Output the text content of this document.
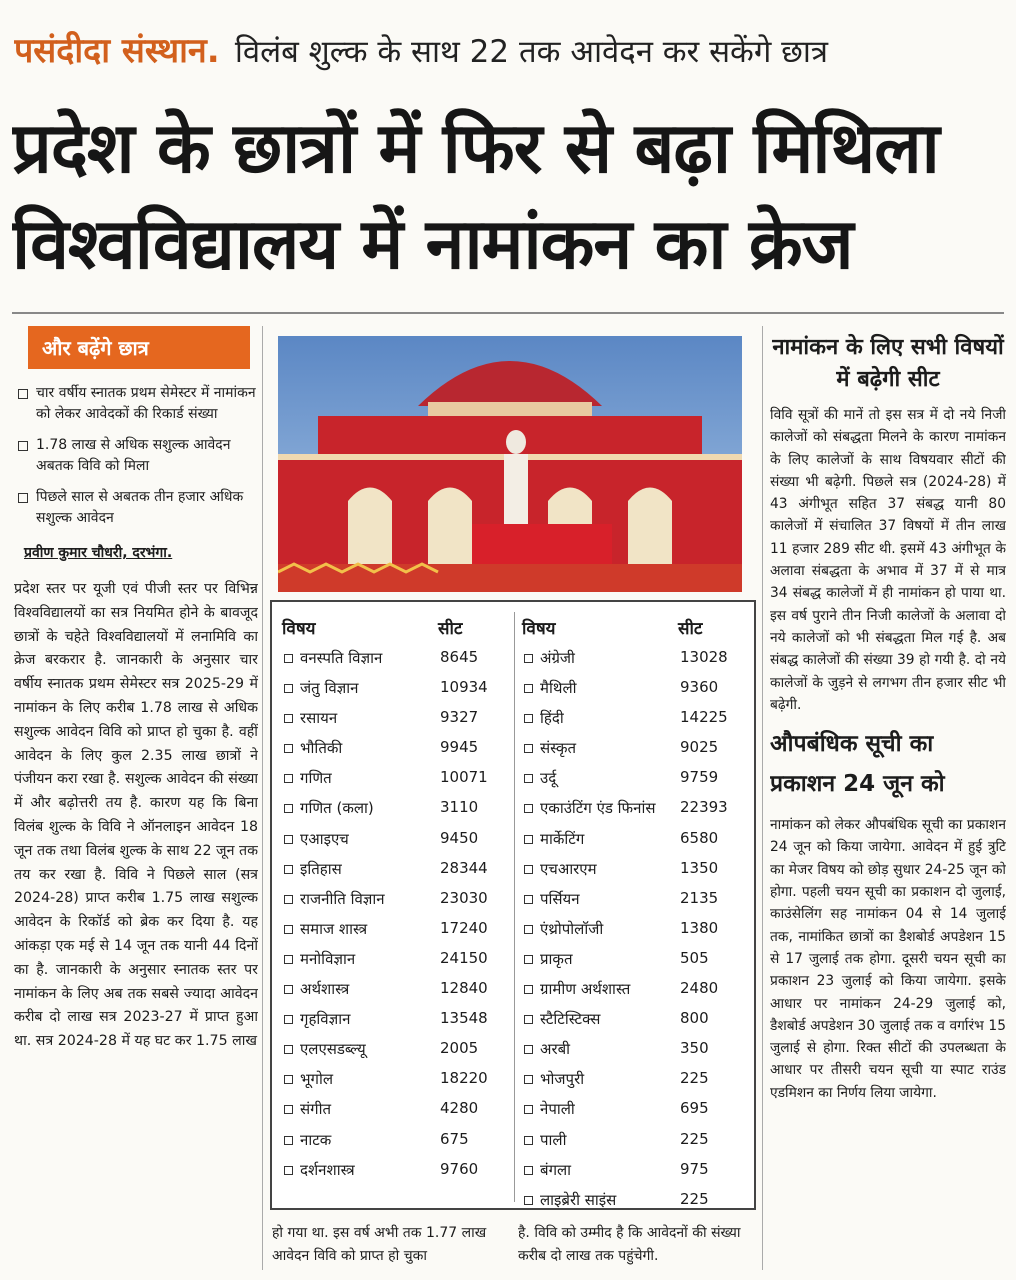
पसंदीदा संस्थान. विलंब शुल्क के साथ 22 तक आवेदन कर सकेंगे छात्र
प्रदेश के छात्रों में फिर से बढ़ा मिथिला
विश्वविद्यालय में नामांकन का क्रेज
और बढ़ेंगे छात्र
चार वर्षीय स्नातक प्रथम सेमेस्टर में नामांकन को लेकर आवेदकों की रिकार्ड संख्या
1.78 लाख से अधिक सशुल्क आवेदन अबतक विवि को मिला
पिछले साल से अबतक तीन हजार अधिक सशुल्क आवेदन
प्रवीण कुमार चौधरी, दरभंगा.

प्रदेश स्तर पर यूजी एवं पीजी स्तर पर विभिन्न विश्वविद्यालयों का सत्र नियमित होने के बावजूद छात्रों के चहेते विश्वविद्यालयों में लनामिवि का क्रेज बरकरार है. जानकारी के अनुसार चार वर्षीय स्नातक प्रथम सेमेस्टर सत्र 2025-29 में नामांकन के लिए करीब 1.78 लाख से अधिक सशुल्क आवेदन विवि को प्राप्त हो चुका है. वहीं आवेदन के लिए कुल 2.35 लाख छात्रों ने पंजीयन करा रखा है. सशुल्क आवेदन की संख्या में और बढ़ोत्तरी तय है. कारण यह कि बिना विलंब शुल्क के विवि ने ऑनलाइन आवेदन 18 जून तक तथा विलंब शुल्क के साथ 22 जून तक तय कर रखा है. विवि ने पिछले साल (सत्र 2024-28) प्राप्त करीब 1.75 लाख सशुल्क आवेदन के रिकॉर्ड को ब्रेक कर दिया है. यह आंकड़ा एक मई से 14 जून तक यानी 44 दिनों का है. जानकारी के अनुसार स्नातक स्तर पर नामांकन के लिए अब तक सबसे ज्यादा आवेदन करीब दो लाख सत्र 2023-27 में प्राप्त हुआ था. सत्र 2024-28 में यह घट कर 1.75 लाख

विषय	सीट
वनस्पति विज्ञान	8645
जंतु विज्ञान	10934
रसायन	9327
भौतिकी	9945
गणित	10071
गणित (कला)	3110
एआइएच	9450
इतिहास	28344
राजनीति विज्ञान	23030
समाज शास्त्र	17240
मनोविज्ञान	24150
अर्थशास्त्र	12840
गृहविज्ञान	13548
एलएसडब्ल्यू	2005
भूगोल	18220
संगीत	4280
नाटक	675
दर्शनशास्त्र	9760
विषय	सीट
अंग्रेजी	13028
मैथिली	9360
हिंदी	14225
संस्कृत	9025
उर्दू	9759
एकाउंटिंग एंड फिनांस 22393
मार्केटिंग	6580
एचआरएम	1350
पर्सियन	2135
एंथ्रोपोलॉजी	1380
प्राकृत	505
ग्रामीण अर्थशास्त	2480
स्टैटिस्टिक्स	800
अरबी	350
भोजपुरी	225
नेपाली	695
पाली	225
बंगला	975
लाइब्रेरी साइंस	225

हो गया था. इस वर्ष अभी तक 1.77 लाख आवेदन विवि को प्राप्त हो चुका

है. विवि को उम्मीद है कि आवेदनों की संख्या करीब दो लाख तक पहुंचेगी.

नामांकन के लिए सभी विषयों में बढ़ेगी सीट

विवि सूत्रों की मानें तो इस सत्र में दो नये निजी कालेजों को संबद्धता मिलने के कारण नामांकन के लिए कालेजों के साथ विषयवार सीटों की संख्या भी बढ़ेगी. पिछले सत्र (2024-28) में 43 अंगीभूत सहित 37 संबद्ध यानी 80 कालेजों में संचालित 37 विषयों में तीन लाख 11 हजार 289 सीट थी. इसमें 43 अंगीभूत के अलावा संबद्धता के अभाव में 37 में से मात्र 34 संबद्ध कालेजों में ही नामांकन हो पाया था. इस वर्ष पुराने तीन निजी कालेजों के अलावा दो नये कालेजों को भी संबद्धता मिल गई है. अब संबद्ध कालेजों की संख्या 39 हो गयी है. दो नये कालेजों के जुड़ने से लगभग तीन हजार सीट भी बढ़ेगी.

औपबंधिक सूची का प्रकाशन 24 जून को

नामांकन को लेकर औपबंधिक सूची का प्रकाशन 24 जून को किया जायेगा. आवेदन में हुई त्रुटि का मेजर विषय को छोड़ सुधार 24-25 जून को होगा. पहली चयन सूची का प्रकाशन दो जुलाई, काउंसेलिंग सह नामांकन 04 से 14 जुलाई तक, नामांकित छात्रों का डैशबोर्ड अपडेशन 15 से 17 जुलाई तक होगा. दूसरी चयन सूची का प्रकाशन 23 जुलाई को किया जायेगा. इसके आधार पर नामांकन 24-29 जुलाई को, डैशबोर्ड अपडेशन 30 जुलाई तक व वर्गारंभ 15 जुलाई से होगा. रिक्त सीटों की उपलब्धता के आधार पर तीसरी चयन सूची या स्पाट राउंड एडमिशन का निर्णय लिया जायेगा.
